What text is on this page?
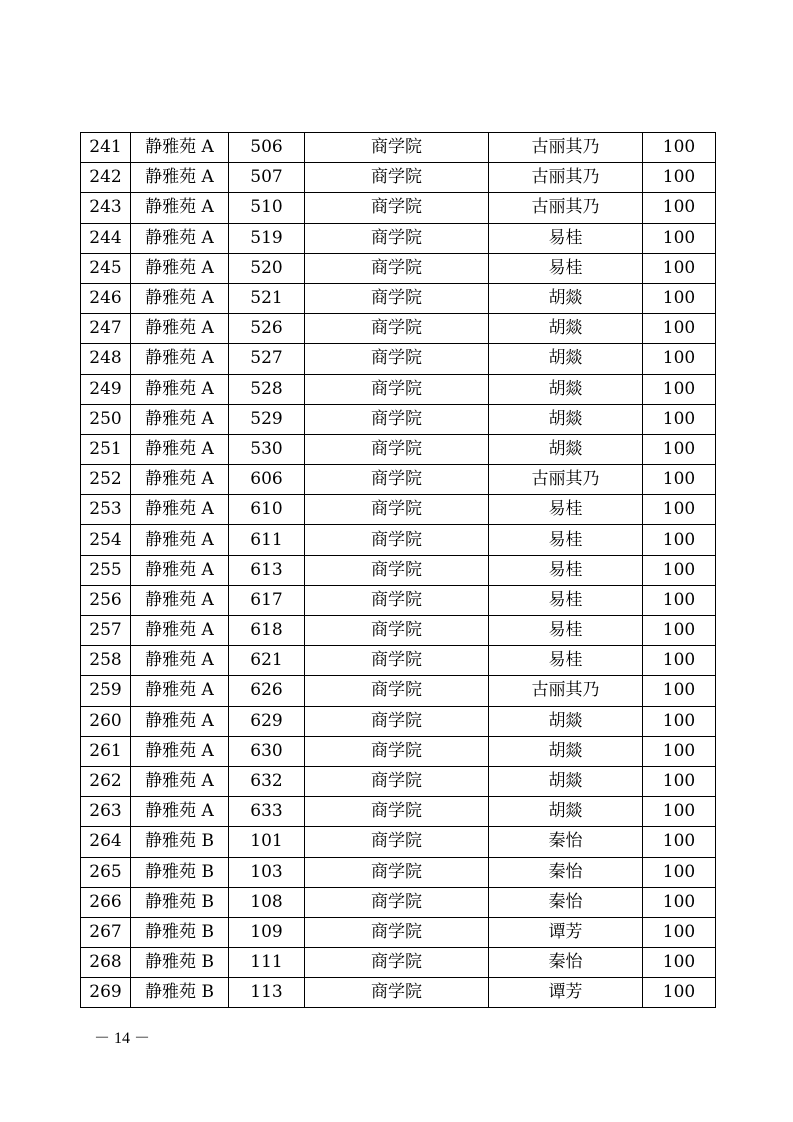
241	静雅苑 A	506	商学院	古丽其乃	100
242	静雅苑 A	507	商学院	古丽其乃	100
243	静雅苑 A	510	商学院	古丽其乃	100
244	静雅苑 A	519	商学院	易桂	100
245	静雅苑 A	520	商学院	易桂	100
246	静雅苑 A	521	商学院	胡燚	100
247	静雅苑 A	526	商学院	胡燚	100
248	静雅苑 A	527	商学院	胡燚	100
249	静雅苑 A	528	商学院	胡燚	100
250	静雅苑 A	529	商学院	胡燚	100
251	静雅苑 A	530	商学院	胡燚	100
252	静雅苑 A	606	商学院	古丽其乃	100
253	静雅苑 A	610	商学院	易桂	100
254	静雅苑 A	611	商学院	易桂	100
255	静雅苑 A	613	商学院	易桂	100
256	静雅苑 A	617	商学院	易桂	100
257	静雅苑 A	618	商学院	易桂	100
258	静雅苑 A	621	商学院	易桂	100
259	静雅苑 A	626	商学院	古丽其乃	100
260	静雅苑 A	629	商学院	胡燚	100
261	静雅苑 A	630	商学院	胡燚	100
262	静雅苑 A	632	商学院	胡燚	100
263	静雅苑 A	633	商学院	胡燚	100
264	静雅苑 B	101	商学院	秦怡	100
265	静雅苑 B	103	商学院	秦怡	100
266	静雅苑 B	108	商学院	秦怡	100
267	静雅苑 B	109	商学院	谭芳	100
268	静雅苑 B	111	商学院	秦怡	100
269	静雅苑 B	113	商学院	谭芳	100
－ 14 －
